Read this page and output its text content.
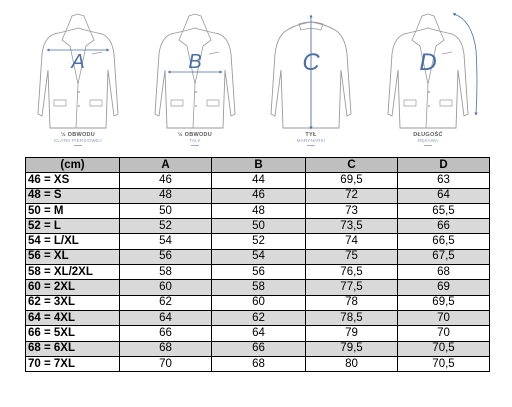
A	B	C	D
½ OBWODU
KLATKI PIERSIOWEJ
½ OBWODU
TALII
TYŁ
MARYNARKI
DŁUGOŚĆ
RĘKAWA
(cm)	A	B	C	D
46 = XS	46	44	69,5	63
48 = S	48	46	72	64
50 = M	50	48	73	65,5
52 = L	52	50	73,5	66
54 = L/XL	54	52	74	66,5
56 = XL	56	54	75	67,5
58 = XL/2XL	58	56	76,5	68
60 = 2XL	60	58	77,5	69
62 = 3XL	62	60	78	69,5
64 = 4XL	64	62	78,5	70
66 = 5XL	66	64	79	70
68 = 6XL	68	66	79,5	70,5
70 = 7XL	70	68	80	70,5
